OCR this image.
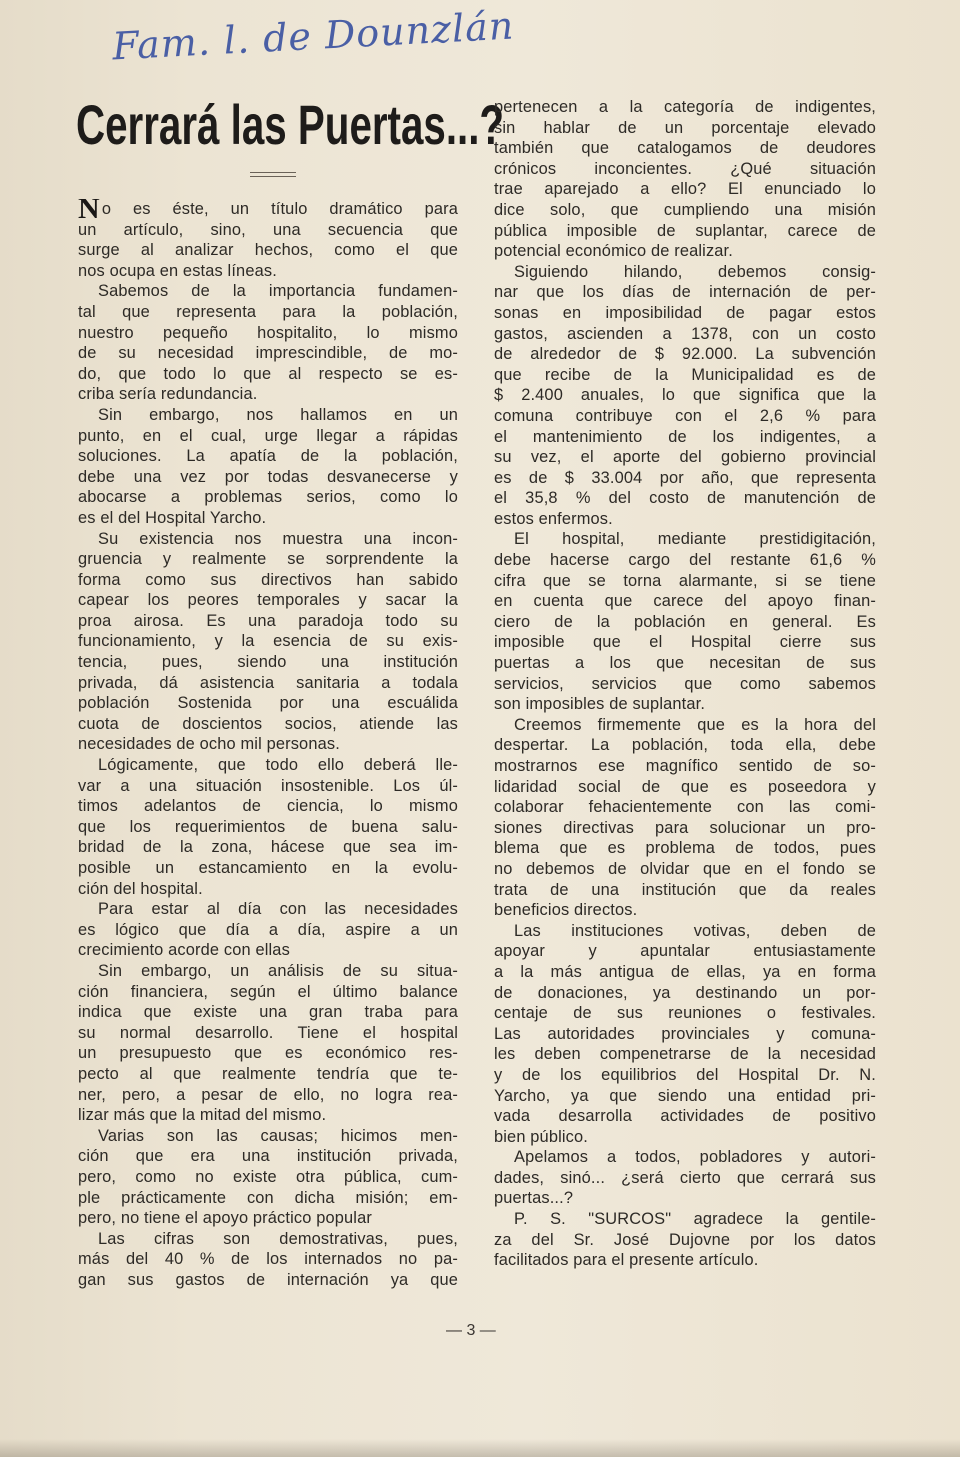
Fam. l. de Dounzlán
Cerrará las Puertas...?
No es éste, un título dramático para
un artículo, sino, una secuencia que
surge al analizar hechos, como el que
nos ocupa en estas líneas.
Sabemos de la importancia fundamen-
tal que representa para la población,
nuestro pequeño hospitalito, lo mismo
de su necesidad imprescindible, de mo-
do, que todo lo que al respecto se es-
criba sería redundancia.
Sin embargo, nos hallamos en un
punto, en el cual, urge llegar a rápidas
soluciones. La apatía de la población,
debe una vez por todas desvanecerse y
abocarse a problemas serios, como lo
es el del Hospital Yarcho.
Su existencia nos muestra una incon-
gruencia y realmente se sorprendente la
forma como sus directivos han sabido
capear los peores temporales y sacar la
proa airosa. Es una paradoja todo su
funcionamiento, y la esencia de su exis-
tencia, pues, siendo una institución
privada, dá asistencia sanitaria a todala
población Sostenida por una escuálida
cuota de doscientos socios, atiende las
necesidades de ocho mil personas.
Lógicamente, que todo ello deberá lle-
var a una situación insostenible. Los úl-
timos adelantos de ciencia, lo mismo
que los requerimientos de buena salu-
bridad de la zona, hácese que sea im-
posible un estancamiento en la evolu-
ción del hospital.
Para estar al día con las necesidades
es lógico que día a día, aspire a un
crecimiento acorde con ellas
Sin embargo, un análisis de su situa-
ción financiera, según el último balance
indica que existe una gran traba para
su normal desarrollo. Tiene el hospital
un presupuesto que es económico res-
pecto al que realmente tendría que te-
ner, pero, a pesar de ello, no logra rea-
lizar más que la mitad del mismo.
Varias son las causas; hicimos men-
ción que era una institución privada,
pero, como no existe otra pública, cum-
ple prácticamente con dicha misión; em-
pero, no tiene el apoyo práctico popular
Las cifras son demostrativas, pues,
más del 40 % de los internados no pa-
gan sus gastos de internación ya que
pertenecen a la categoría de indigentes,
sin hablar de un porcentaje elevado
también que catalogamos de deudores
crónicos inconcientes. ¿Qué situación
trae aparejado a ello? El enunciado lo
dice solo, que cumpliendo una misión
pública imposible de suplantar, carece de
potencial económico de realizar.
Siguiendo hilando, debemos consig-
nar que los días de internación de per-
sonas en imposibilidad de pagar estos
gastos, ascienden a 1378, con un costo
de alrededor de $ 92.000. La subvención
que recibe de la Municipalidad es de
$ 2.400 anuales, lo que significa que la
comuna contribuye con el 2,6 % para
el mantenimiento de los indigentes, a
su vez, el aporte del gobierno provincial
es de $ 33.004 por año, que representa
el 35,8 % del costo de manutención de
estos enfermos.
El hospital, mediante prestidigitación,
debe hacerse cargo del restante 61,6 %
cifra que se torna alarmante, si se tiene
en cuenta que carece del apoyo finan-
ciero de la población en general. Es
imposible que el Hospital cierre sus
puertas a los que necesitan de sus
servicios, servicios que como sabemos
son imposibles de suplantar.
Creemos firmemente que es la hora del
despertar. La población, toda ella, debe
mostrarnos ese magnífico sentido de so-
lidaridad social de que es poseedora y
colaborar fehacientemente con las comi-
siones directivas para solucionar un pro-
blema que es problema de todos, pues
no debemos de olvidar que en el fondo se
trata de una institución que da reales
beneficios directos.
Las instituciones votivas, deben de
apoyar y apuntalar entusiastamente
a la más antigua de ellas, ya en forma
de donaciones, ya destinando un por-
centaje de sus reuniones o festivales.
Las autoridades provinciales y comuna-
les deben compenetrarse de la necesidad
y de los equilibrios del Hospital Dr. N.
Yarcho, ya que siendo una entidad pri-
vada desarrolla actividades de positivo
bien público.
Apelamos a todos, pobladores y autori-
dades, sinó... ¿será cierto que cerrará sus
puertas...?
P. S. "SURCOS" agradece la gentile-
za del Sr. José Dujovne por los datos
facilitados para el presente artículo.
— 3 —
